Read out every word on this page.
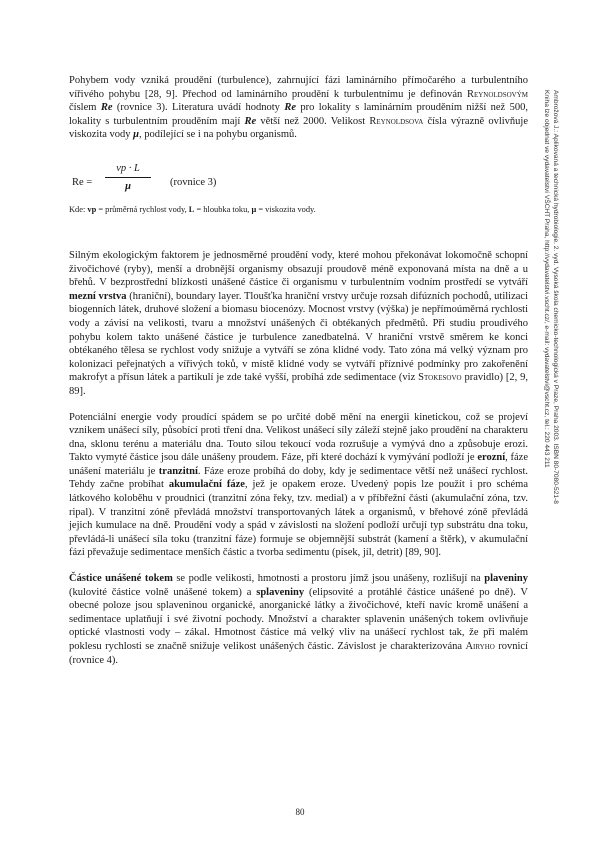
Pohybem vody vzniká proudění (turbulence), zahrnující fázi laminárního přímočarého a turbulentního vířivého pohybu [28, 9]. Přechod od laminárního proudění k turbulentnímu je definován Reynoldsovým číslem Re (rovnice 3). Literatura uvádí hodnoty Re pro lokality s laminárním prouděním nižší než 500, lokality s turbulentním prouděním mají Re větší než 2000. Velikost Reynoldsova čísla výrazně ovlivňuje viskozita vody μ, podílející se i na pohybu organismů.

Re =
vp · L
μ	(rovnice 3)

Kde: vp = průměrná rychlost vody, L = hloubka toku, μ = viskozita vody.

Silným ekologickým faktorem je jednosměrné proudění vody, které mohou překonávat lokomočně schopní živočichové (ryby), menší a drobnější organismy obsazují proudově méně exponovaná místa na dně a u břehů. V bezprostřední blízkosti unášené částice či organismu v turbulentním vodním prostředí se vytváří mezní vrstva (hraniční), boundary layer. Tloušťka hraniční vrstvy určuje rozsah difúzních pochodů, utilizaci biogenních látek, druhové složení a biomasu biocenózy. Mocnost vrstvy (výška) je nepřímoúměrná rychlosti vody a závisí na velikosti, tvaru a množství unášených či obtékaných předmětů. Při studiu proudivého pohybu kolem takto unášené částice je turbulence zanedbatelná. V hraniční vrstvě směrem ke konci obtékaného tělesa se rychlost vody snižuje a vytváří se zóna klidné vody. Tato zóna má velký význam pro kolonizaci peřejnatých a vířivých toků, v místě klidné vody se vytváří příznivé podmínky pro zakořenění makrofyt a přísun látek a partikulí je zde také vyšší, probíhá zde sedimentace (viz Stokesovo pravidlo) [2, 9, 89].

Potenciální energie vody proudící spádem se po určité době mění na energii kinetickou, což se projeví vznikem unášecí síly, působící proti tření dna. Velikost unášecí síly záleží stejně jako proudění na charakteru dna, sklonu terénu a materiálu dna. Touto silou tekoucí voda rozrušuje a vymývá dno a způsobuje erozi. Takto vymyté částice jsou dále unášeny proudem. Fáze, při které dochází k vymývání podloží je erozní, fáze unášení materiálu je tranzitní. Fáze eroze probíhá do doby, kdy je sedimentace větší než unášecí rychlost. Tehdy začne probíhat akumulační fáze, jež je opakem eroze. Uvedený popis lze použít i pro schéma látkového koloběhu v proudnici (tranzitní zóna řeky, tzv. medial) a v příbřežní části (akumulační zóna, tzv. ripal). V tranzitní zóně převládá množství transportovaných látek a organismů, v břehové zóně převládá jejich kumulace na dně. Proudění vody a spád v závislosti na složení podloží určují typ substrátu dna toku, převládá-li unášecí síla toku (tranzitní fáze) formuje se objemnější substrát (kamení a štěrk), v akumulační fázi převažuje sedimentace menších částic a tvorba sedimentu (písek, jíl, detrit) [89, 90].

Částice unášené tokem se podle velikosti, hmotnosti a prostoru jímž jsou unášeny, rozlišují na plaveniny (kulovité částice volně unášené tokem) a splaveniny (elipsovité a protáhlé částice unášené po dně). V obecné poloze jsou splaveninou organické, anorganické látky a živočichové, kteří navíc kromě unášení a sedimentace uplatňují i své životní pochody. Množství a charakter splavenin unášených tokem ovlivňuje optické vlastnosti vody – zákal. Hmotnost částice má velký vliv na unášecí rychlost tak, že při malém poklesu rychlosti se značně snižuje velikost unášených částic. Závislost je charakterizována Airyho rovnicí (rovnice 4).

Ambrožová J.: Aplikovaná a technická hydrobiologie. 2. vyd. Vysoká škola chemicko-technologická v Praze, Praha 2003. ISBN 80-7080-521-8
Kniha lze objednat ve vydavatelství VŠCHT Praha, http://vydavatelstvi.vscht.cz/, e-mail: vydavatelstvi@vscht.cz, tel.: 220 443 211
80
